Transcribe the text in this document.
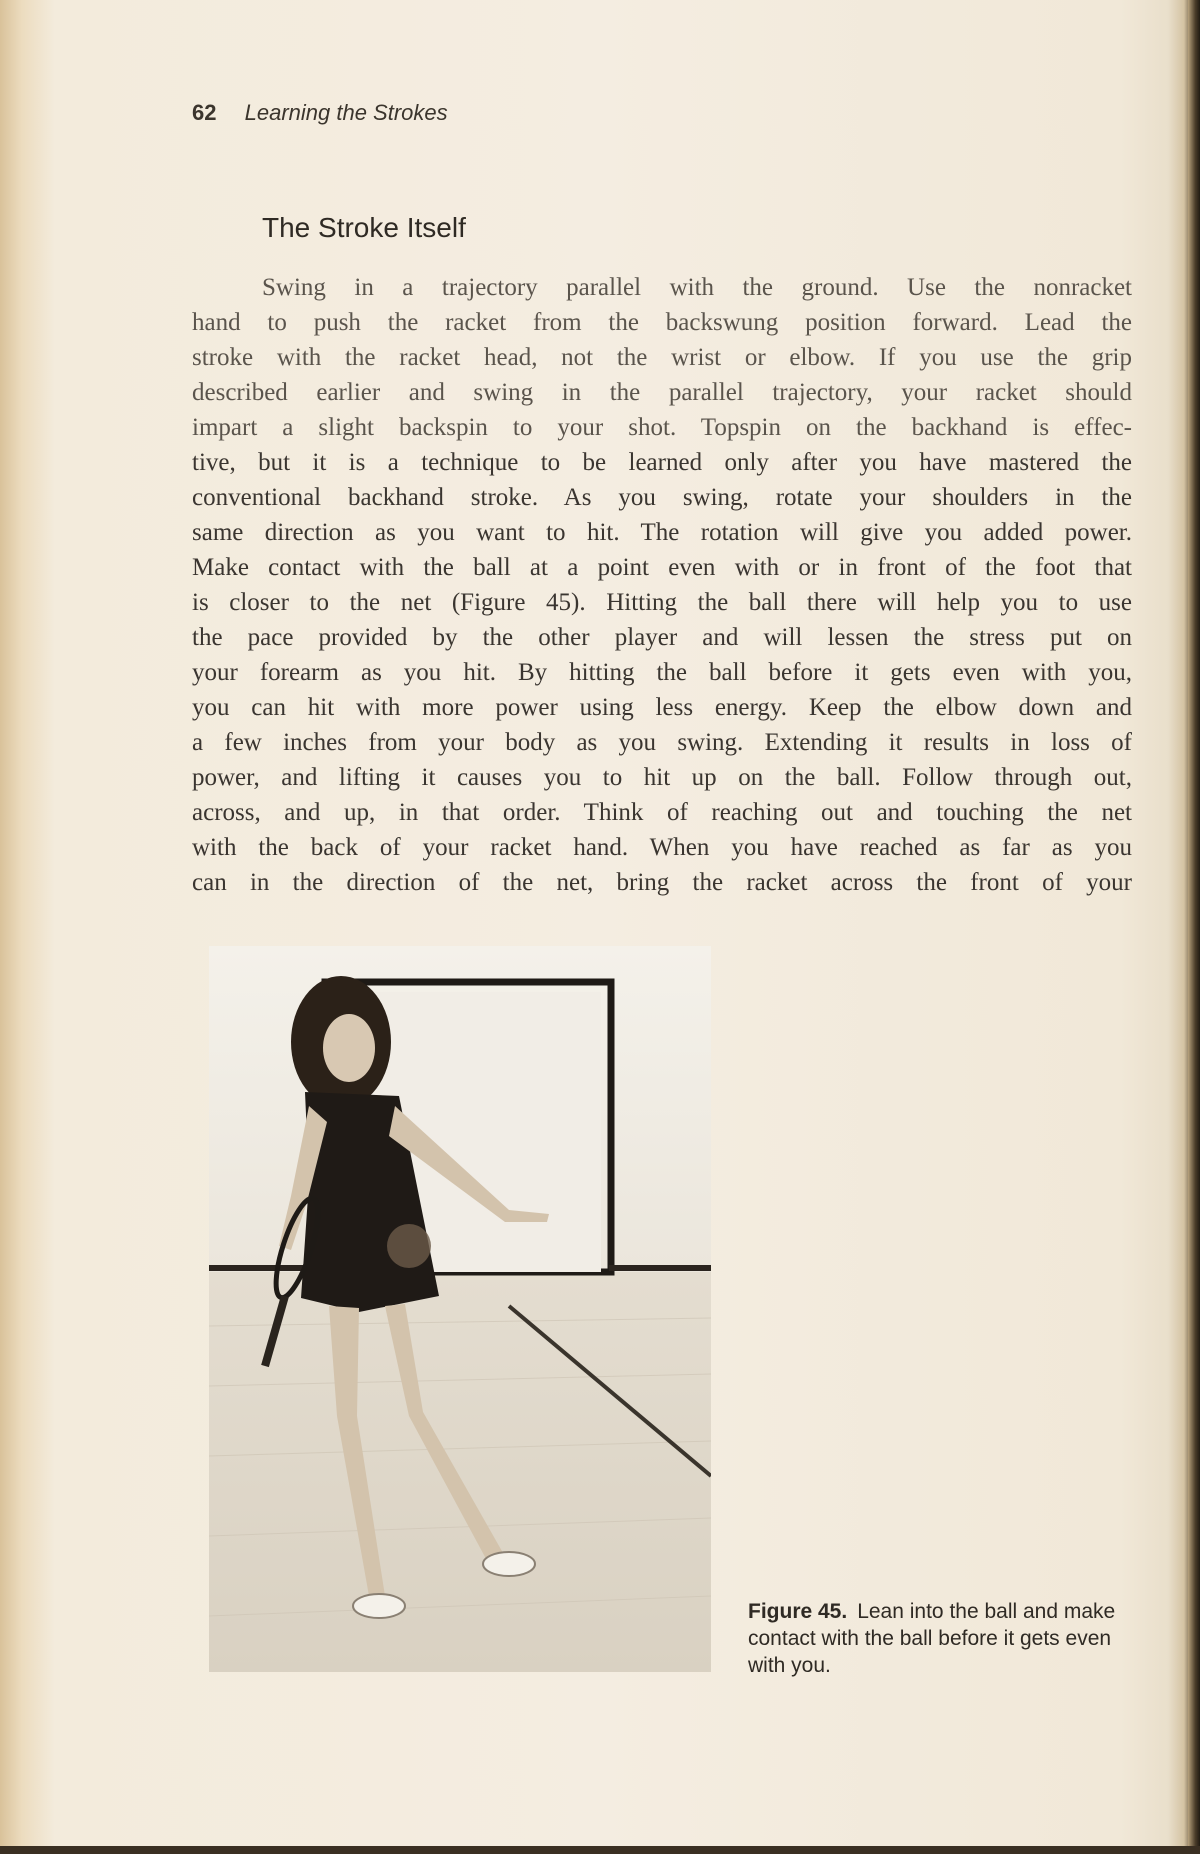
62 Learning the Strokes
The Stroke Itself
Swing in a trajectory parallel with the ground. Use the nonracket
hand to push the racket from the backswung position forward. Lead the
stroke with the racket head, not the wrist or elbow. If you use the grip
described earlier and swing in the parallel trajectory, your racket should
impart a slight backspin to your shot. Topspin on the backhand is effec-
tive, but it is a technique to be learned only after you have mastered the
conventional backhand stroke. As you swing, rotate your shoulders in the
same direction as you want to hit. The rotation will give you added power.
Make contact with the ball at a point even with or in front of the foot that
is closer to the net (Figure 45). Hitting the ball there will help you to use
the pace provided by the other player and will lessen the stress put on
your forearm as you hit. By hitting the ball before it gets even with you,
you can hit with more power using less energy. Keep the elbow down and
a few inches from your body as you swing. Extending it results in loss of
power, and lifting it causes you to hit up on the ball. Follow through out,
across, and up, in that order. Think of reaching out and touching the net
with the back of your racket hand. When you have reached as far as you
can in the direction of the net, bring the racket across the front of your
Figure 45. Lean into the ball and make contact with the ball before it gets even with you.
